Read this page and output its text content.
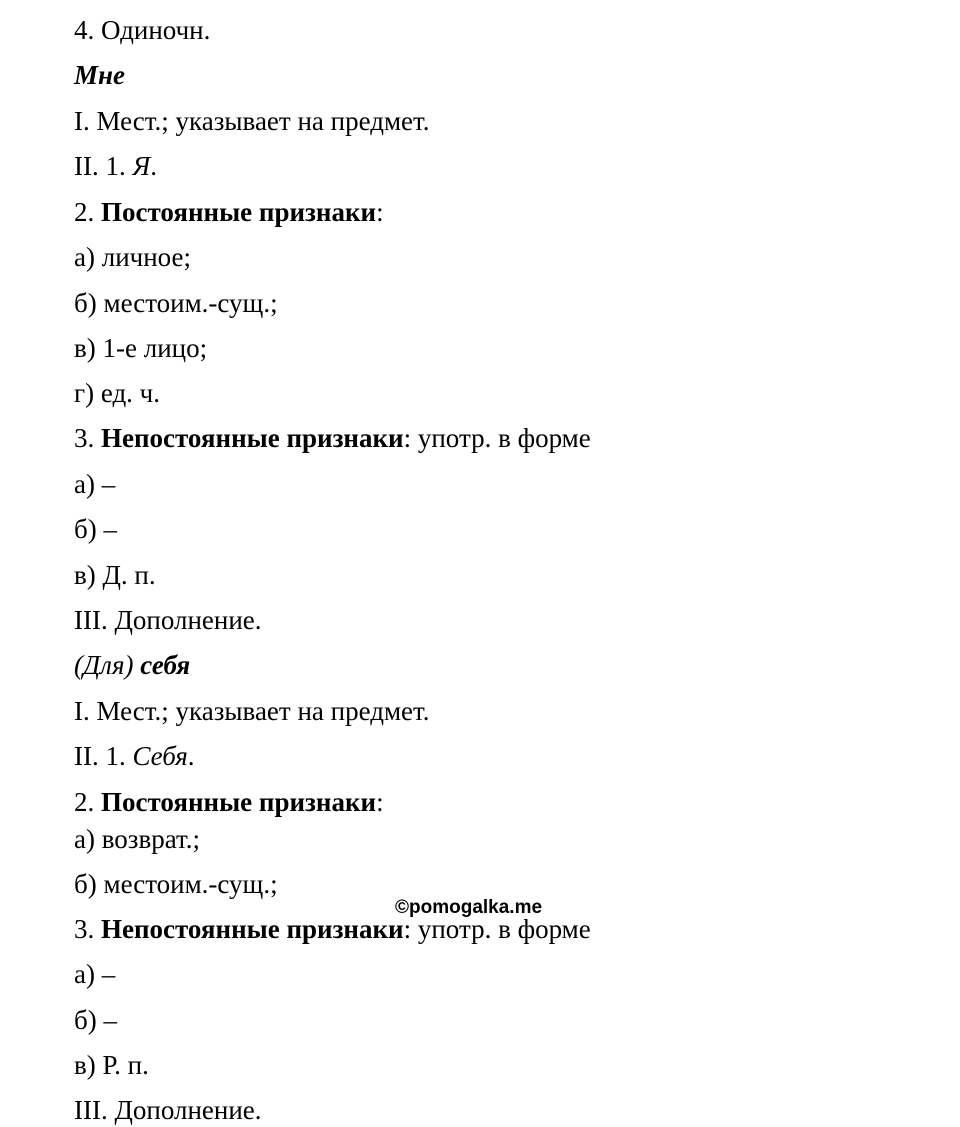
4. Одиночн.
Мне
I. Мест.; указывает на предмет.
II. 1. Я.
2. Постоянные признаки:
а) личное;
б) местоим.-сущ.;
в) 1-е лицо;
г) ед. ч.
3. Непостоянные признаки: употр. в форме
а) –
б) –
в) Д. п.
III. Дополнение.
(Для) себя
I. Мест.; указывает на предмет.
II. 1. Себя.
2. Постоянные признаки:
а) возврат.;
б) местоим.-сущ.;
©pomogalka.me
3. Непостоянные признаки: употр. в форме
а) –
б) –
в) Р. п.
III. Дополнение.
